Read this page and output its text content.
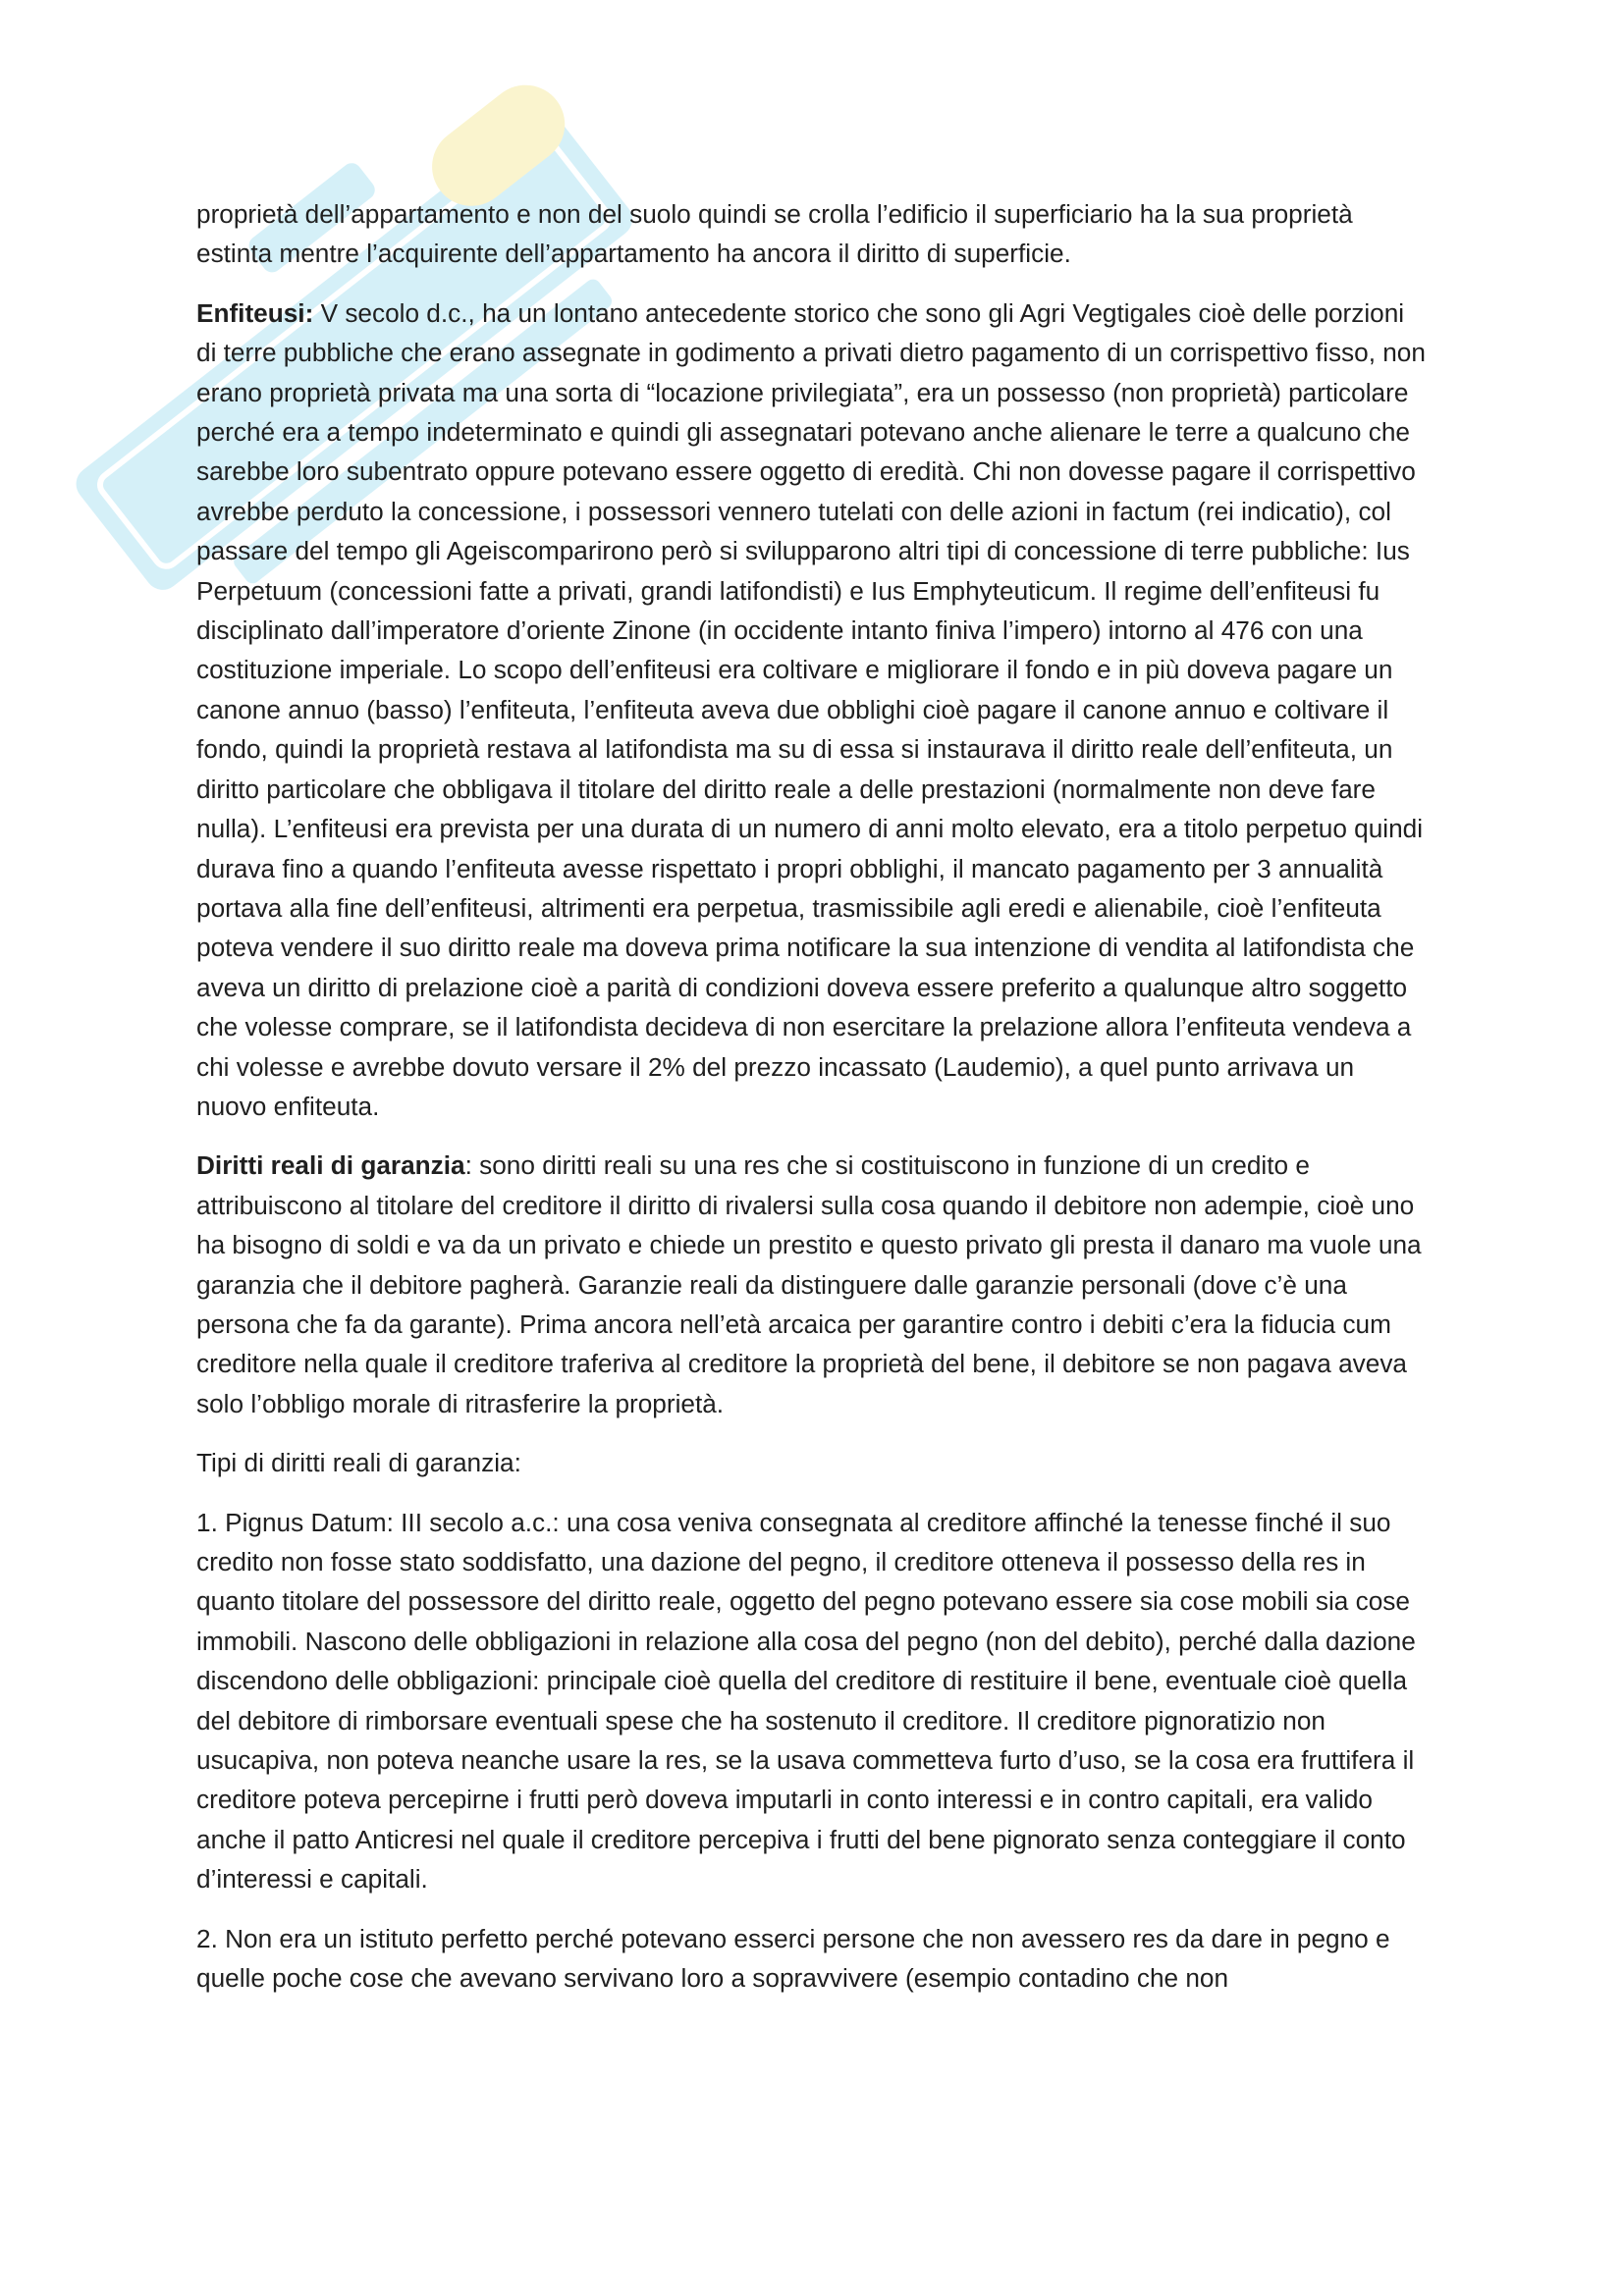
proprietà dell’appartamento e non del suolo quindi se crolla l’edificio il superficiario ha la sua proprietà estinta mentre l’acquirente dell’appartamento ha ancora il diritto di superficie.

Enfiteusi: V secolo d.c., ha un lontano antecedente storico che sono gli Agri Vegtigales cioè delle porzioni di terre pubbliche che erano assegnate in godimento a privati dietro pagamento di un corrispettivo fisso, non erano proprietà privata ma una sorta di “locazione privilegiata”, era un possesso (non proprietà) particolare perché era a tempo indeterminato e quindi gli assegnatari potevano anche alienare le terre a qualcuno che sarebbe loro subentrato oppure potevano essere oggetto di eredità. Chi non dovesse pagare il corrispettivo avrebbe perduto la concessione, i possessori vennero tutelati con delle azioni in factum (rei indicatio), col passare del tempo gli Ageiscomparirono però si svilupparono altri tipi di concessione di terre pubbliche: Ius Perpetuum (concessioni fatte a privati, grandi latifondisti) e Ius Emphyteuticum. Il regime dell’enfiteusi fu disciplinato dall’imperatore d’oriente Zinone (in occidente intanto finiva l’impero) intorno al 476 con una costituzione imperiale. Lo scopo dell’enfiteusi era coltivare e migliorare il fondo e in più doveva pagare un canone annuo (basso) l’enfiteuta, l’enfiteuta aveva due obblighi cioè pagare il canone annuo e coltivare il fondo, quindi la proprietà restava al latifondista ma su di essa si instaurava il diritto reale dell’enfiteuta, un diritto particolare che obbligava il titolare del diritto reale a delle prestazioni (normalmente non deve fare nulla). L’enfiteusi era prevista per una durata di un numero di anni molto elevato, era a titolo perpetuo quindi durava fino a quando l’enfiteuta avesse rispettato i propri obblighi, il mancato pagamento per 3 annualità portava alla fine dell’enfiteusi, altrimenti era perpetua, trasmissibile agli eredi e alienabile, cioè l’enfiteuta poteva vendere il suo diritto reale ma doveva prima notificare la sua intenzione di vendita al latifondista che aveva un diritto di prelazione cioè a parità di condizioni doveva essere preferito a qualunque altro soggetto che volesse comprare, se il latifondista decideva di non esercitare la prelazione allora l’enfiteuta vendeva a chi volesse e avrebbe dovuto versare il 2% del prezzo incassato (Laudemio), a quel punto arrivava un nuovo enfiteuta.

Diritti reali di garanzia: sono diritti reali su una res che si costituiscono in funzione di un credito e attribuiscono al titolare del creditore il diritto di rivalersi sulla cosa quando il debitore non adempie, cioè uno ha bisogno di soldi e va da un privato e chiede un prestito e questo privato gli presta il danaro ma vuole una garanzia che il debitore pagherà. Garanzie reali da distinguere dalle garanzie personali (dove c’è una persona che fa da garante). Prima ancora nell’età arcaica per garantire contro i debiti c’era la fiducia cum creditore nella quale il creditore traferiva al creditore la proprietà del bene, il debitore se non pagava aveva solo l’obbligo morale di ritrasferire la proprietà.

Tipi di diritti reali di garanzia:

1. Pignus Datum: III secolo a.c.: una cosa veniva consegnata al creditore affinché la tenesse finché il suo credito non fosse stato soddisfatto, una dazione del pegno, il creditore otteneva il possesso della res in quanto titolare del possessore del diritto reale, oggetto del pegno potevano essere sia cose mobili sia cose immobili. Nascono delle obbligazioni in relazione alla cosa del pegno (non del debito), perché dalla dazione discendono delle obbligazioni: principale cioè quella del creditore di restituire il bene, eventuale cioè quella del debitore di rimborsare eventuali spese che ha sostenuto il creditore. Il creditore pignoratizio non usucapiva, non poteva neanche usare la res, se la usava commetteva furto d’uso, se la cosa era fruttifera il creditore poteva percepirne i frutti però doveva imputarli in conto interessi e in contro capitali, era valido anche il patto Anticresi nel quale il creditore percepiva i frutti del bene pignorato senza conteggiare il conto d’interessi e capitali.

2. Non era un istituto perfetto perché potevano esserci persone che non avessero res da dare in pegno e quelle poche cose che avevano servivano loro a sopravvivere (esempio contadino che non
